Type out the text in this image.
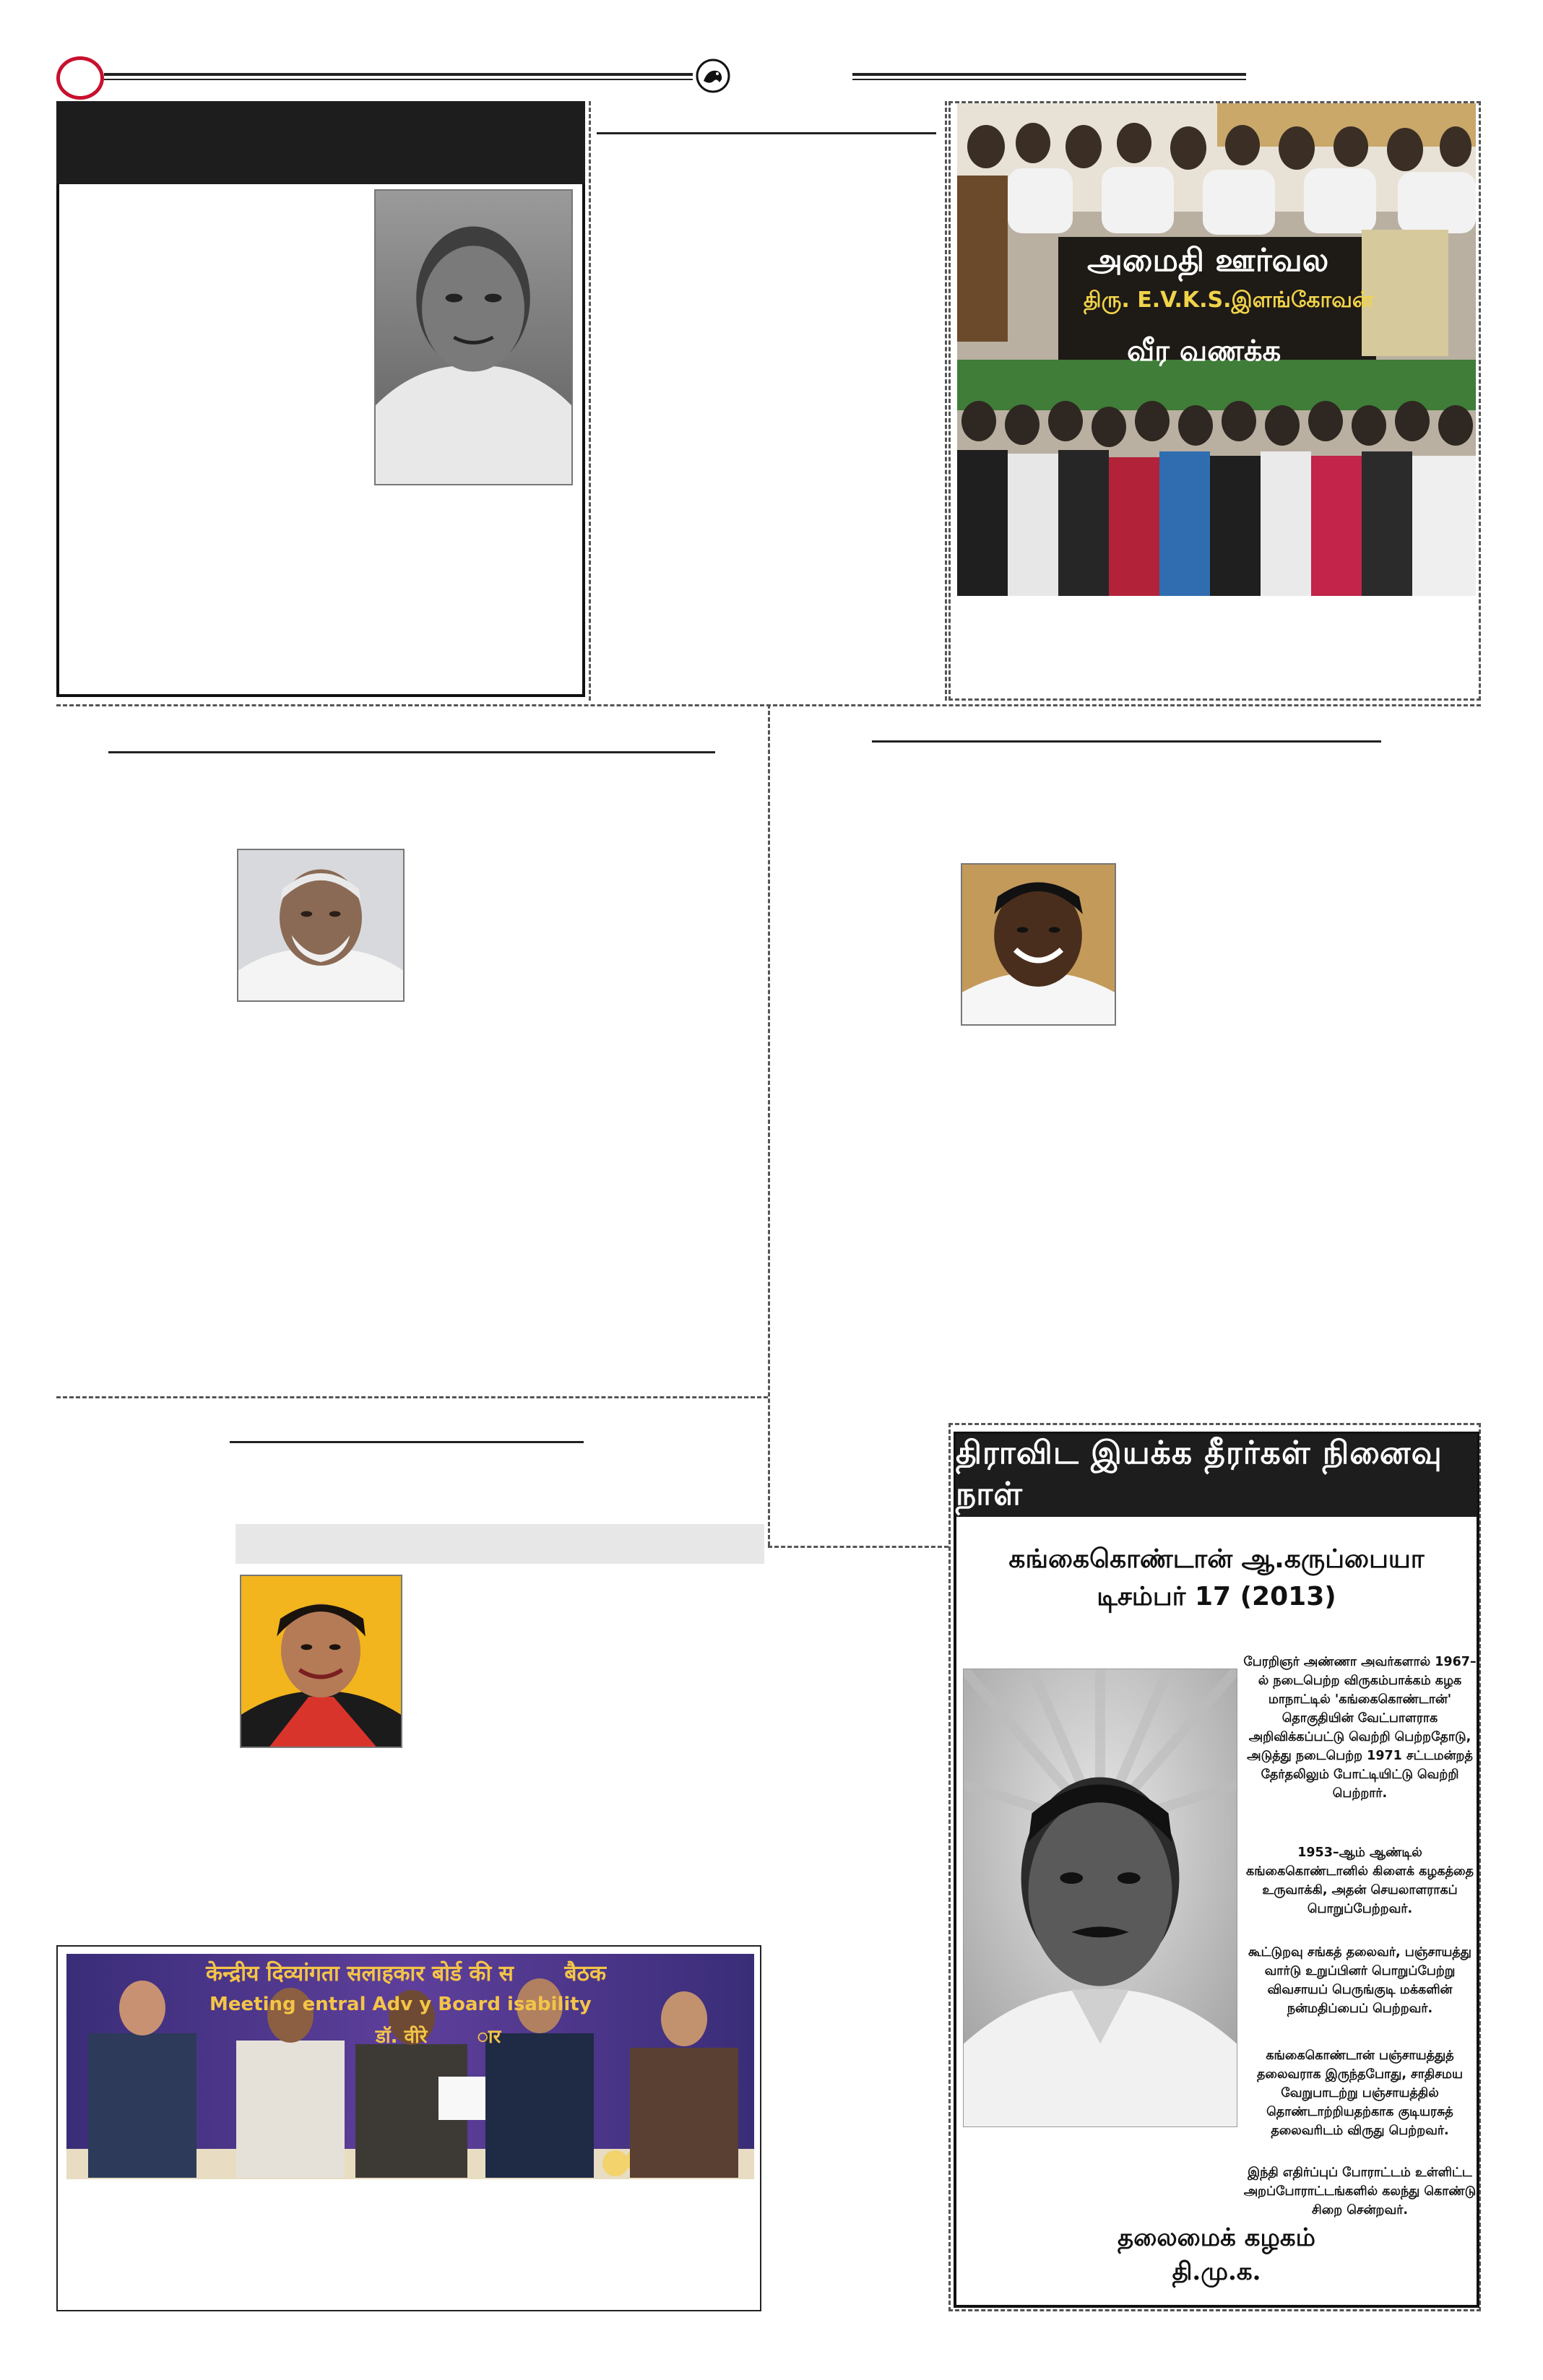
அமைதி ஊர்வல
திரு. E.V.K.S.இளங்கோவன்
வீர வணக்க
केन्द्रीय दिव्यांगता सलाहकार बोर्ड की स बैठक
Meeting entral Adv y Board isability
डॉ. वीरे	ार
திராவிட இயக்க தீரர்கள் நினைவு நாள்
கங்கைகொண்டான் ஆ.கருப்பையா
டிசம்பர் 17 (2013)

பேரறிஞர் அண்ணா அவர்களால் 1967–ல் நடைபெற்ற விருகம்பாக்கம் கழக மாநாட்டில் 'கங்கைகொண்டான்' தொகுதியின் வேட்பாளராக அறிவிக்கப்பட்டு வெற்றி பெற்றதோடு, அடுத்து நடைபெற்ற 1971 சட்டமன்றத் தேர்தலிலும் போட்டியிட்டு வெற்றி பெற்றார்.

1953–ஆம் ஆண்டில் கங்கைகொண்டானில் கிளைக் கழகத்தை உருவாக்கி, அதன் செயலாளராகப் பொறுப்பேற்றவர்.

கூட்டுறவு சங்கத் தலைவர், பஞ்சாயத்து வார்டு உறுப்பினர் பொறுப்பேற்று விவசாயப் பெருங்குடி மக்களின் நன்மதிப்பைப் பெற்றவர்.

கங்கைகொண்டான் பஞ்சாயத்துத் தலைவராக இருந்தபோது, சாதிசமய வேறுபாடற்று பஞ்சாயத்தில் தொண்டாற்றியதற்காக குடியரசுத் தலைவரிடம் விருது பெற்றவர்.

இந்தி எதிர்ப்புப் போராட்டம் உள்ளிட்ட அறப்போராட்டங்களில் கலந்து கொண்டு சிறை சென்றவர்.

தலைமைக் கழகம்
தி.மு.க.
